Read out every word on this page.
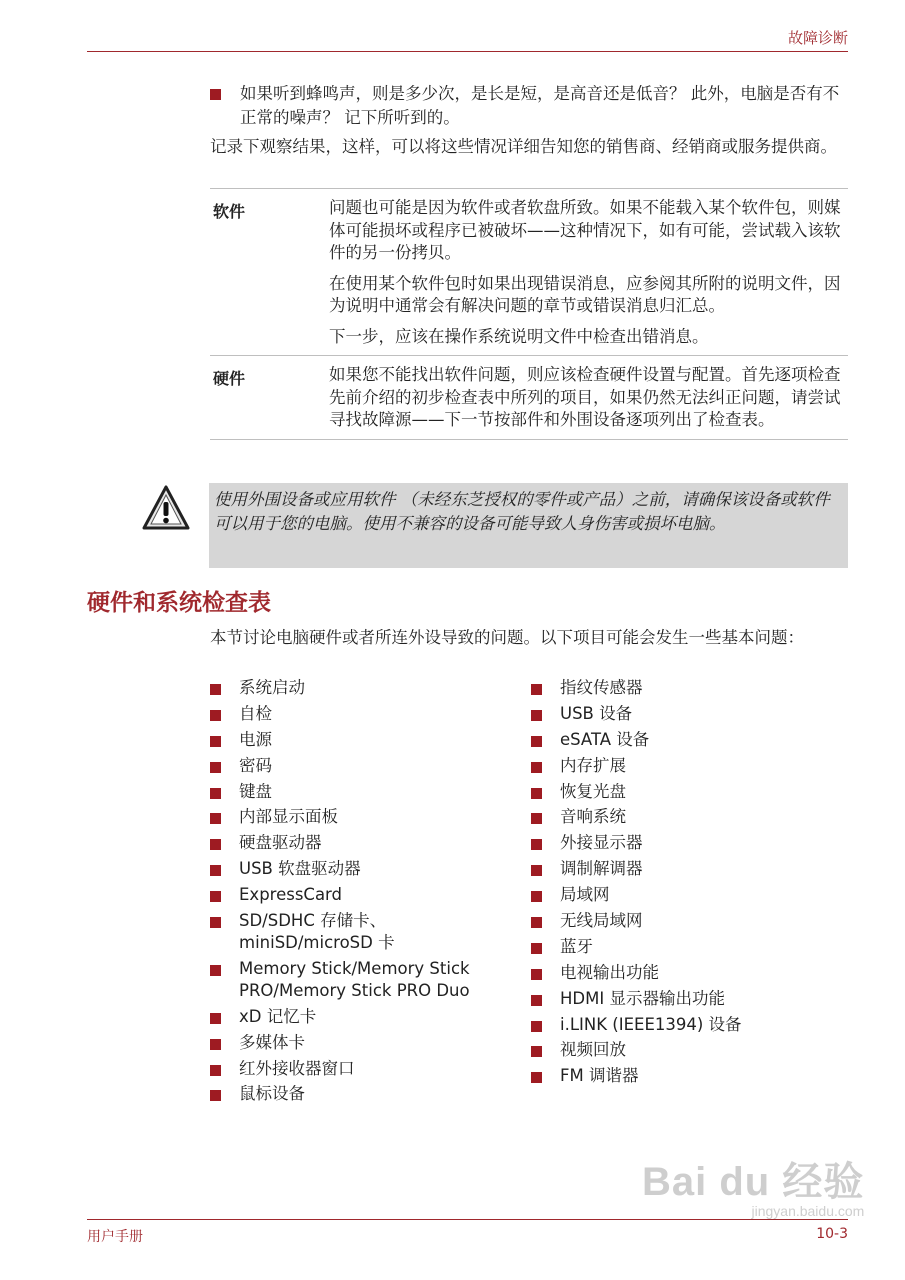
故障诊断
如果听到蜂鸣声，则是多少次，是长是短，是高音还是低音？ 此外，电脑是否有不正常的噪声？ 记下所听到的。
记录下观察结果，这样，可以将这些情况详细告知您的销售商、经销商或服务提供商。
软件	问题也可能是因为软件或者软盘所致。如果不能载入某个软件包，则媒体可能损坏或程序已被破坏——这种情况下，如有可能，尝试载入该软件的另一份拷贝。

在使用某个软件包时如果出现错误消息，应参阅其所附的说明文件，因为说明中通常会有解决问题的章节或错误消息归汇总。

下一步，应该在操作系统说明文件中检查出错消息。

硬件	如果您不能找出软件问题，则应该检查硬件设置与配置。首先逐项检查先前介绍的初步检查表中所列的项目，如果仍然无法纠正问题，请尝试寻找故障源——下一节按部件和外围设备逐项列出了检查表。

使用外围设备或应用软件 （未经东芝授权的零件或产品）之前，请确保该设备或软件可以用于您的电脑。使用不兼容的设备可能导致人身伤害或损坏电脑。
硬件和系统检查表
本节讨论电脑硬件或者所连外设导致的问题。以下项目可能会发生一些基本问题：
系统启动
自检
电源
密码
键盘
内部显示面板
硬盘驱动器
USB 软盘驱动器
ExpressCard
SD/SDHC 存储卡、miniSD/microSD 卡
Memory Stick/Memory Stick PRO/Memory Stick PRO Duo
xD 记忆卡
多媒体卡
红外接收器窗口
鼠标设备
指纹传感器
USB 设备
eSATA 设备
内存扩展
恢复光盘
音响系统
外接显示器
调制解调器
局域网
无线局域网
蓝牙
电视输出功能
HDMI 显示器输出功能
i.LINK (IEEE1394) 设备
视频回放
FM 调谐器
Bai du 经验
jingyan.baidu.com
用户手册	10-3
